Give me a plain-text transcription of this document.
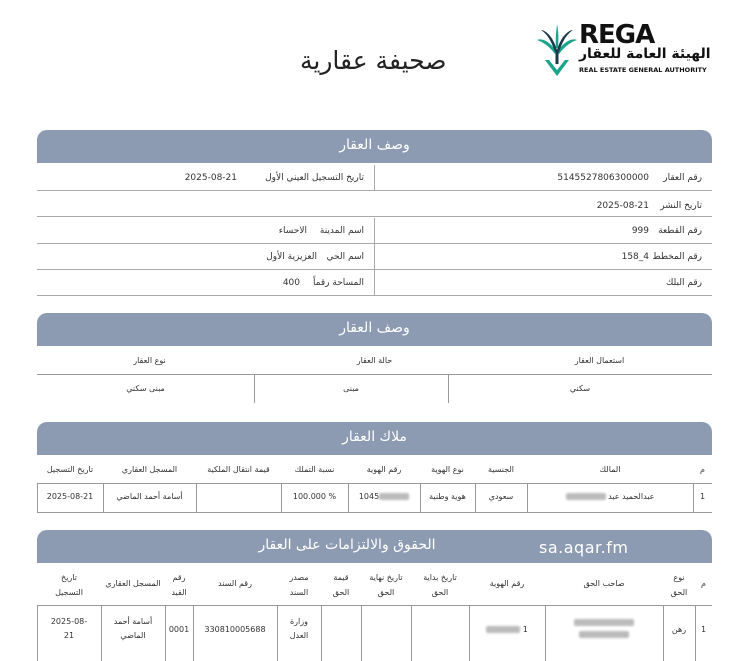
صحيفة عقارية
REGA
الهيئة العامة للعقار
REAL ESTATE GENERAL AUTHORITY
وصف العقار
رقم العقار
5145527806300000
تاريخ التسجيل العيني الأول
2025-08-21
تاريخ النشر
2025-08-21
رقم القطعة
999
اسم المدينة
الاحساء
رقم المخطط
158_4
اسم الحي
العزيزية الأول
رقم البلك
المساحة رقماً
400
وصف العقار
استعمال العقار
حالة العقار
نوع العقار
سكني
مبنى
مبنى سكني
ملاك العقار
م
المالك
الجنسية
نوع الهوية
رقم الهوية
نسبة التملك
قيمة انتقال الملكية
المسجل العقاري
تاريخ التسجيل
1
عبدالحميد عبد
سعودي
هوية وطنية
1045
100.000 %
أسامة أحمد الماضي
2025-08-21
الحقوق والالتزامات على العقار	sa.aqar.fm
م
نوع
الحق
صاحب الحق
رقم الهوية
تاريخ بداية
الحق
تاريخ نهاية
الحق
قيمة
الحق
مصدر
السند
رقم السند
رقم
القيد
المسجل العقاري
تاريخ
التسجيل
1
رهن

1
وزارة
العدل
330810005688
0001
أسامة أحمد
الماضي
2025-08-
21
